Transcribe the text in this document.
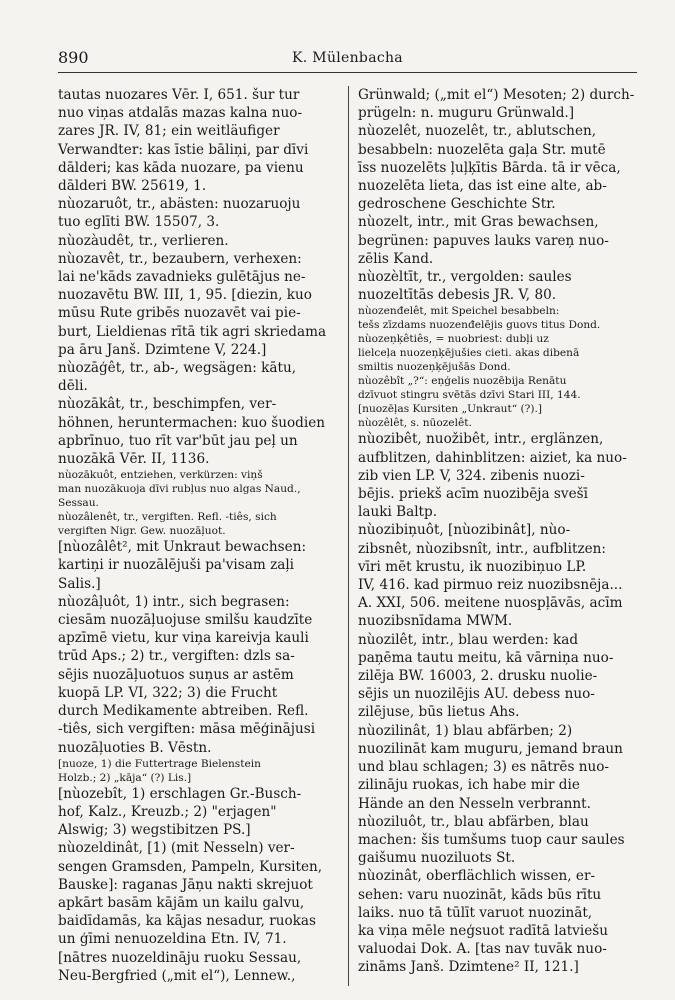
890	K. Mülenbacha

tautas nuozares Vēr. I, 651. šur tur
nuo viņas atdalās mazas kalna nuo-
zares JR. IV, 81; ein weitläufiger
Verwandter: kas īstie bāliņi, par dīvi
dālderi; kas kāda nuozare, pa vienu
dālderi BW. 25619, 1.

nùozaruôt, tr., abästen: nuozaruoju
tuo eglīti BW. 15507, 3.

nùozàudêt, tr., verlieren.

nùozavêt, tr., bezaubern, verhexen:
lai ne'kāds zavadnieks gulētājus ne-
nuozavētu BW. III, 1, 95. [diezin, kuo
mūsu Rute gribēs nuozavēt vai pie-
burt, Lieldienas rītā tik agri skriedama
pa āru Janš. Dzimtene V, 224.]

nùozāģêt, tr., ab-, wegsägen: kātu,
dēli.

nùozākât, tr., beschimpfen, ver-
höhnen, heruntermachen: kuo šuodien
apbrīnuo, tuo rīt var'būt jau peļ un
nuozākā Vēr. II, 1136.

nùozākuôt, entziehen, verkürzen: viņš
man nuozākuoja dīvi rubļus nuo algas Naud.,
Sessau.

nùozâlenêt, tr., vergiften. Refl. -tiês, sich
vergiften Nigr. Gew. nuozāļuot.

[nùozâlêt², mit Unkraut bewachsen:
kartiņi ir nuozālējuši pa'visam zaļi
Salis.]

nùozâļuôt, 1) intr., sich begrasen:
ciesām nuozāļuojuse smilšu kaudzīte
apzīmē vietu, kur viņa kareivja kauli
trūd Aps.; 2) tr., vergiften: dzls sa-
sējis nuozāļuotuos suņus ar astēm
kuopā LP. VI, 322; 3) die Frucht
durch Medikamente abtreiben. Refl.
-tiês, sich vergiften: māsa mēģinājusi
nuozāļuoties B. Vēstn.

[nuoze, 1) die Futtertrage Bielenstein
Holzb.; 2) „kāja“ (?) Lis.]

[nùozebît, 1) erschlagen Gr.-Busch-
hof, Kalz., Kreuzb.; 2) "erjagen"
Alswig; 3) wegstibitzen PS.]

nùozeldinât, [1) (mit Nesseln) ver-
sengen Gramsden, Pampeln, Kursiten,
Bauske]: raganas Jāņu nakti skrejuot
apkārt basām kājām un kailu galvu,
baidīdamās, ka kājas nesadur, ruokas
un ģīmi nenuozeldina Etn. IV, 71.
[nātres nuozeldināju ruoku Sessau,
Neu-Bergfried („mit el“), Lennew.,

Grünwald; („mit el“) Mesoten; 2) durch-
prügeln: n. muguru Grünwald.]

nùozelêt, nuozelêt, tr., ablutschen,
besabbeln: nuozelēta gaļa Str. mutē
īss nuozelēts ļuļķītis Bārda. tā ir vēca,
nuozelēta lieta, das ist eine alte, ab-
gedroschene Geschichte Str.

nùozelt, intr., mit Gras bewachsen,
begrünen: papuves lauks vareņ nuo-
zēlis Kand.

nùozèltīt, tr., vergolden: saules
nuozeltītās debesis JR. V, 80.

nùozenđelêt, mit Speichel besabbeln:
tešs zīzdams nuozenđelējis guovs titus Dond.

nùozeņķêtiês, = nuobriest: dubļi uz
lielceļa nuozeņķējušies cieti. akas dibenā
smiltis nuozeņķējušās Dond.

nùozêbît „?“: eņģelis nuozēbija Renātu
dzīvuot stingru svētās dzīvi Stari III, 144.

[nuozēļas Kursiten „Unkraut“ (?).]

nùozêlêt, s. nūozelêt.

nùozibêt, nuožibêt, intr., erglänzen,
aufblitzen, dahinblitzen: aiziet, ka nuo-
zib vien LP. V, 324. zibenis nuozi-
bējis. priekš acīm nuozibēja svešī
lauki Baltp.

nùozibiņuôt, [nùozibinât], nùo-
zibsnêt, nùozibsnît, intr., aufblitzen:
vīri mēt krustu, ik nuozibiņuo LP.
IV, 416. kad pirmuo reiz nuozibsnēja...
A. XXI, 506. meitene nuospļāvās, acīm
nuozibsnīdama MWM.

nùozilêt, intr., blau werden: kad
paņēma tautu meitu, kā vārniņa nuo-
zilēja BW. 16003, 2. drusku nuolie-
sējis un nuozilējis AU. debess nuo-
zilējuse, būs lietus Ahs.

nùozilinât, 1) blau abfärben; 2)
nuozilināt kam muguru, jemand braun
und blau schlagen; 3) es nātrēs nuo-
zilināju ruokas, ich habe mir die
Hände an den Nesseln verbrannt.

nùoziluôt, tr., blau abfärben, blau
machen: šis tumšums tuop caur saules
gaišumu nuoziluots St.

nùozinât, oberflächlich wissen, er-
sehen: varu nuozināt, kāds būs rītu
laiks. nuo tā tūlīt varuot nuozināt,
ka viņa mēle neģsuot radītā latviešu
valuodai Dok. A. [tas nav tuvāk nuo-
zināms Janš. Dzimtene² II, 121.]
